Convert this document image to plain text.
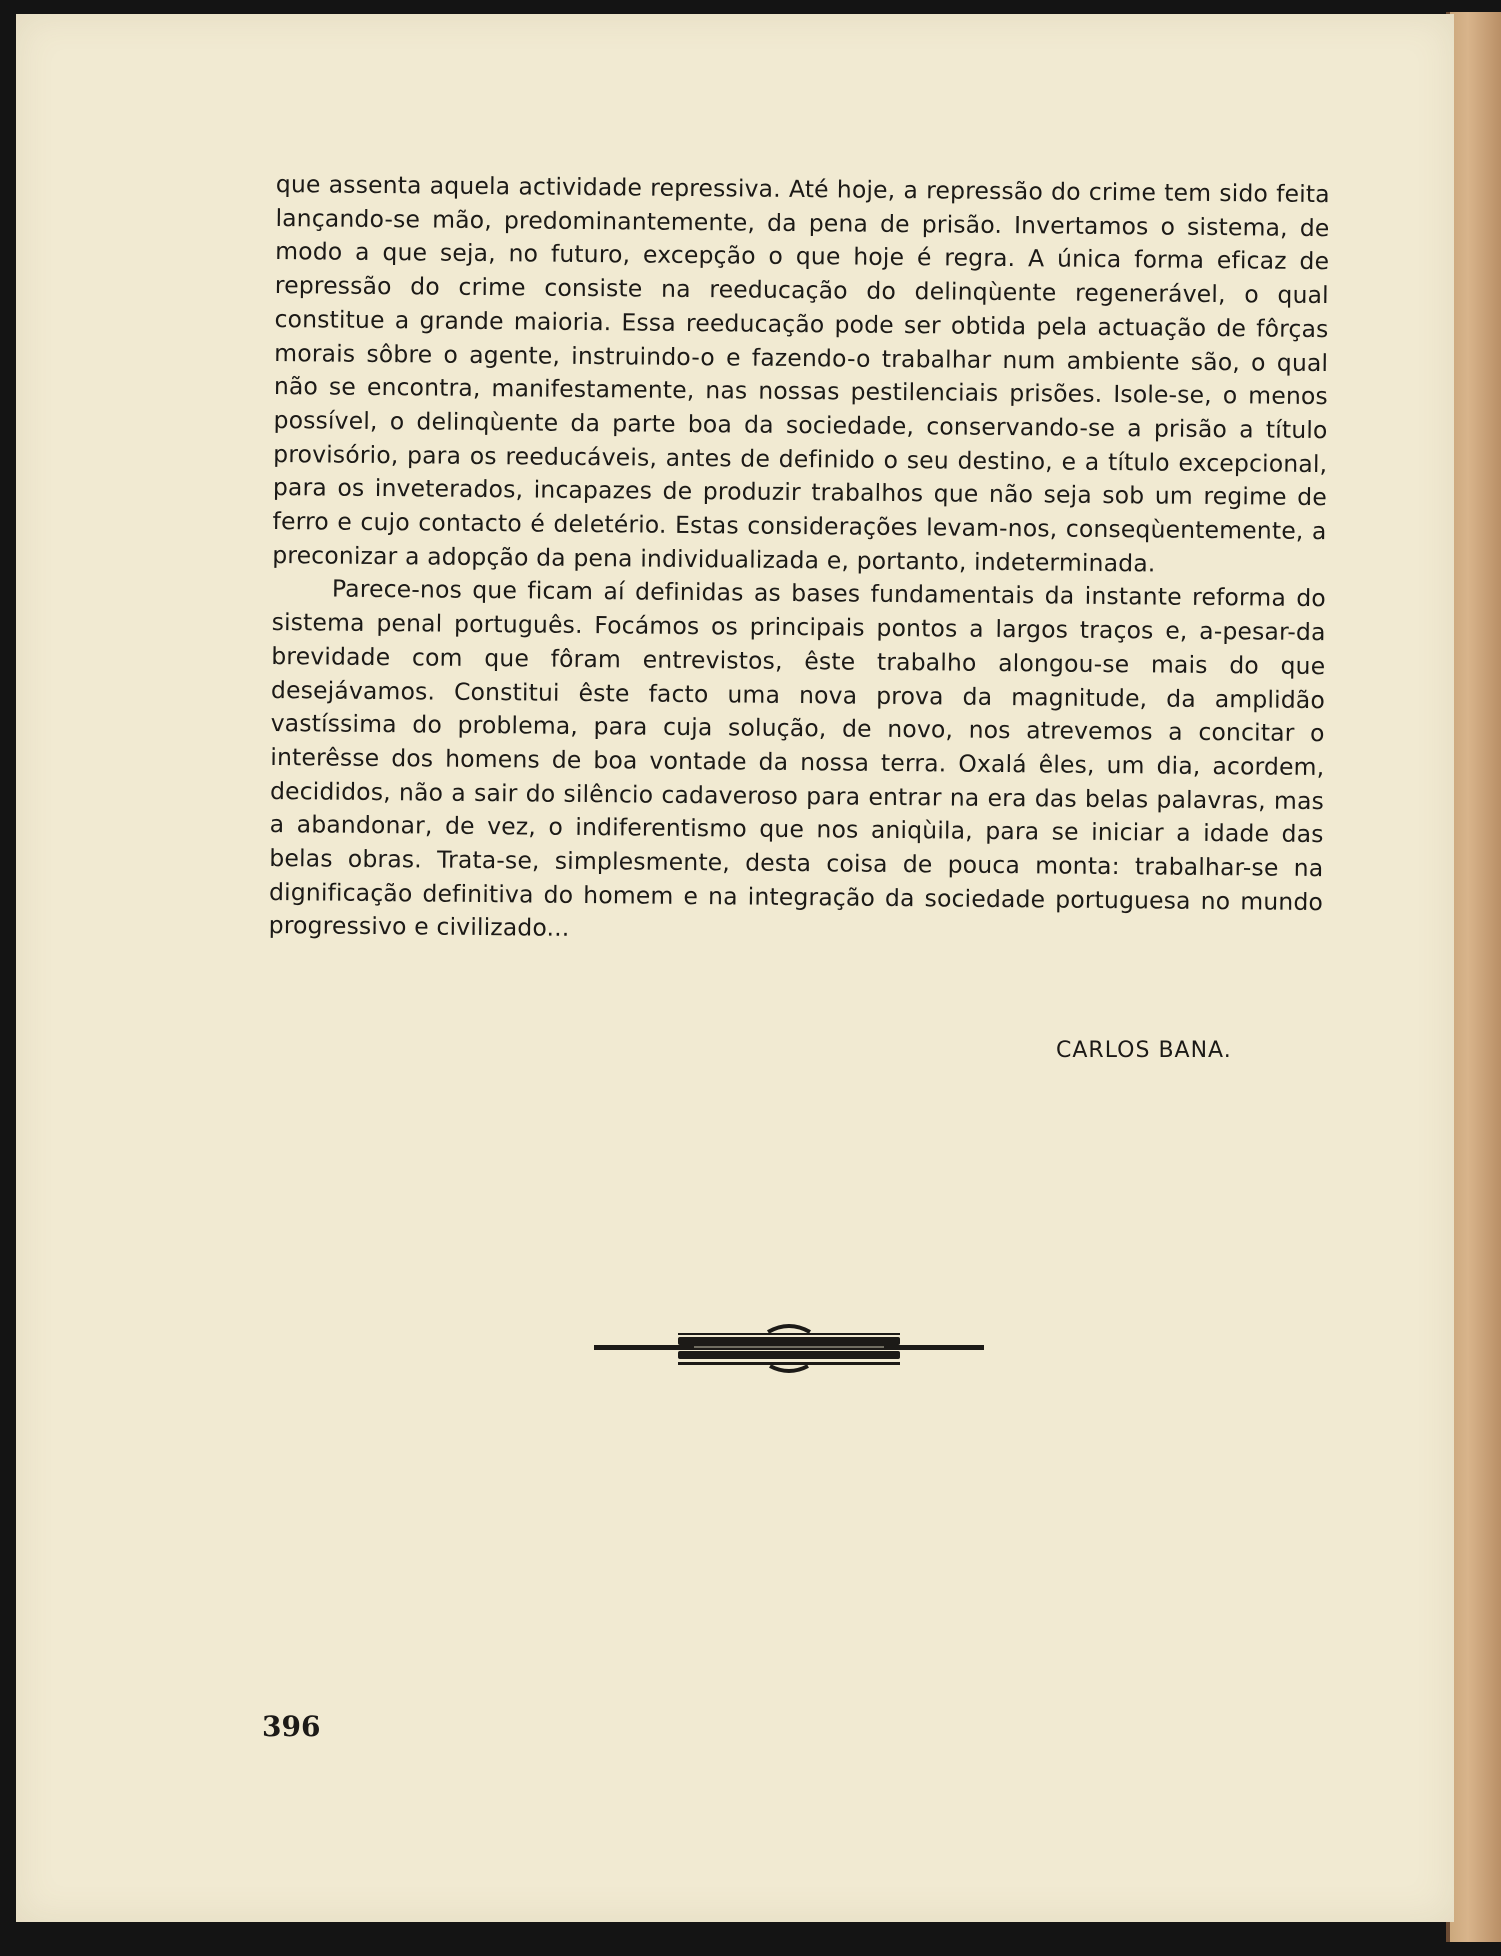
que assenta aquela actividade repressiva. Até hoje, a repressão do crime tem sido feita lançando-se mão, predominantemente, da pena de prisão. Invertamos o sistema, de modo a que seja, no futuro, excepção o que hoje é regra. A única forma eficaz de repressão do crime consiste na reeducação do delinqùente regenerável, o qual constitue a grande maioria. Essa reeducação pode ser obtida pela actuação de fôrças morais sôbre o agente, instruindo-o e fazendo-o trabalhar num ambiente são, o qual não se encontra, manifestamente, nas nossas pestilenciais prisões. Isole-se, o menos possível, o delinqùente da parte boa da sociedade, conservando-se a prisão a título provisório, para os reeducáveis, antes de definido o seu destino, e a título excepcional, para os inveterados, incapazes de produzir trabalhos que não seja sob um regime de ferro e cujo contacto é deletério. Estas considerações levam-nos, conseqùentemente, a preconizar a adopção da pena individualizada e, portanto, indeterminada.

Parece-nos que ficam aí definidas as bases fundamentais da instante reforma do sistema penal português. Focámos os principais pontos a largos traços e, a-pesar-da brevidade com que fôram entrevistos, êste trabalho alongou-se mais do que desejávamos. Constitui êste facto uma nova prova da magnitude, da amplidão vastíssima do problema, para cuja solução, de novo, nos atrevemos a concitar o interêsse dos homens de boa vontade da nossa terra. Oxalá êles, um dia, acordem, decididos, não a sair do silêncio cadaveroso para entrar na era das belas palavras, mas a abandonar, de vez, o indiferentismo que nos aniqùila, para se iniciar a idade das belas obras. Trata-se, simplesmente, desta coisa de pouca monta: trabalhar-se na dignificação definitiva do homem e na integração da sociedade portuguesa no mundo progressivo e civilizado...

CARLOS BANA.
396
